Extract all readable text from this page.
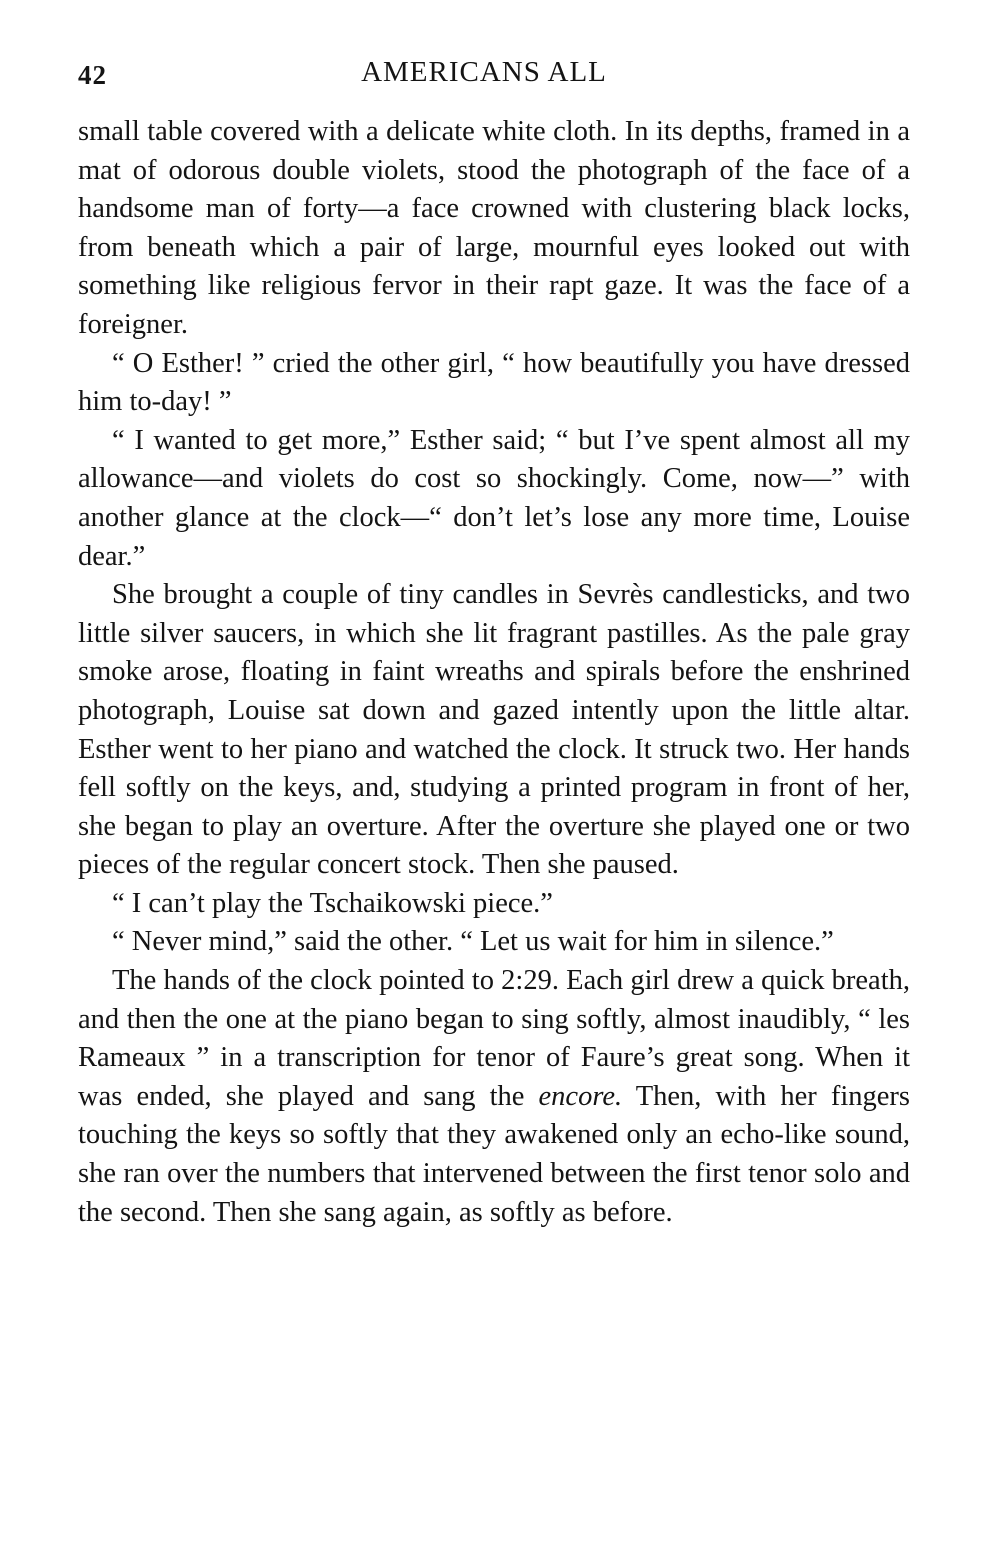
42	AMERICANS ALL

small table covered with a delicate white cloth. In its depths, framed in a mat of odorous double violets, stood the photograph of the face of a handsome man of forty—a face crowned with clustering black locks, from beneath which a pair of large, mournful eyes looked out with something like religious fervor in their rapt gaze. It was the face of a foreigner.

“ O Esther! ” cried the other girl, “ how beautifully you have dressed him to-day! ”

“ I wanted to get more,” Esther said; “ but I’ve spent almost all my allowance—and violets do cost so shockingly. Come, now—” with another glance at the clock—“ don’t let’s lose any more time, Louise dear.”

She brought a couple of tiny candles in Sevrès candlesticks, and two little silver saucers, in which she lit fragrant pastilles. As the pale gray smoke arose, floating in faint wreaths and spirals before the enshrined photograph, Louise sat down and gazed intently upon the little altar. Esther went to her piano and watched the clock. It struck two. Her hands fell softly on the keys, and, studying a printed program in front of her, she began to play an overture. After the overture she played one or two pieces of the regular concert stock. Then she paused.

“ I can’t play the Tschaikowski piece.”

“ Never mind,” said the other. “ Let us wait for him in silence.”

The hands of the clock pointed to 2:29. Each girl drew a quick breath, and then the one at the piano began to sing softly, almost inaudibly, “ les Rameaux ” in a transcription for tenor of Faure’s great song. When it was ended, she played and sang the encore. Then, with her fingers touching the keys so softly that they awakened only an echo-like sound, she ran over the numbers that intervened between the first tenor solo and the second. Then she sang again, as softly as before.
